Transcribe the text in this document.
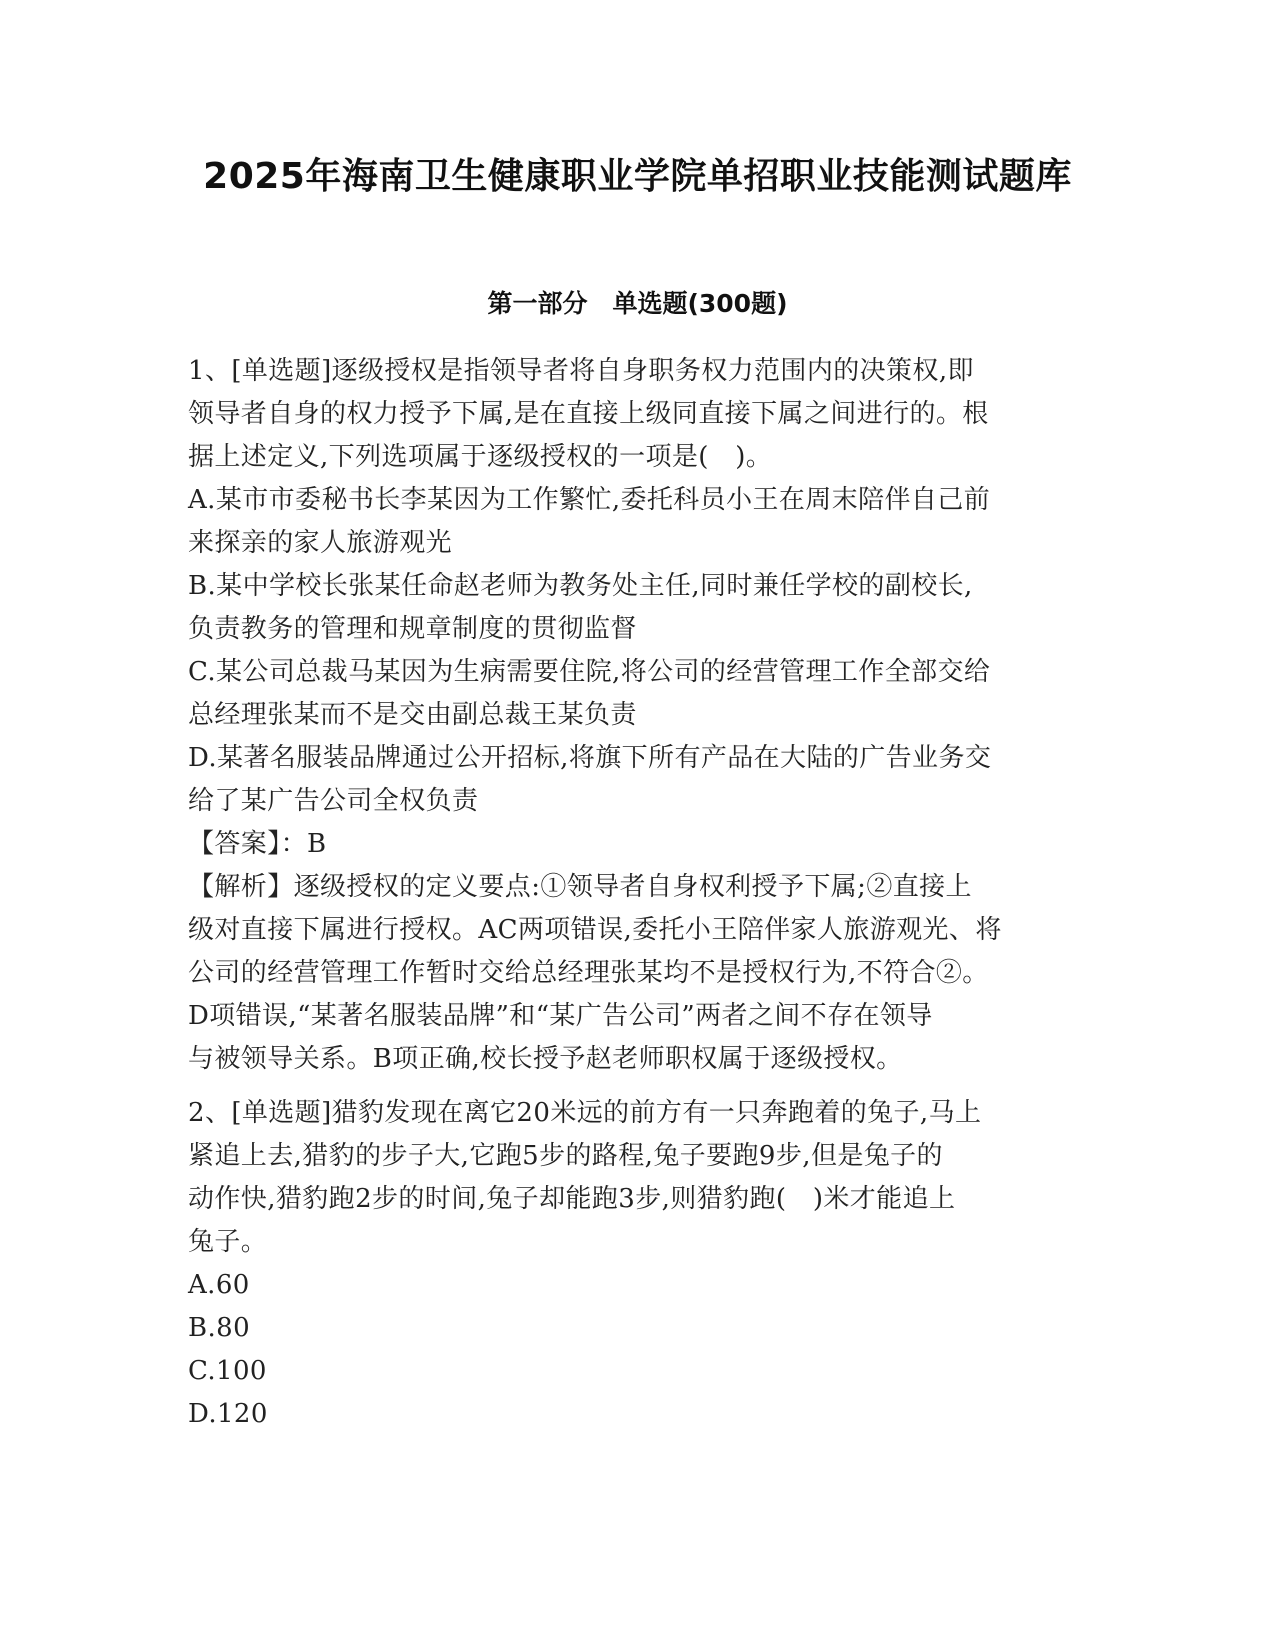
2025年海南卫生健康职业学院单招职业技能测试题库
第一部分　单选题(300题)
1、[单选题]逐级授权是指领导者将自身职务权力范围内的决策权,即
领导者自身的权力授予下属,是在直接上级同直接下属之间进行的。根
据上述定义,下列选项属于逐级授权的一项是(　)。
A.某市市委秘书长李某因为工作繁忙,委托科员小王在周末陪伴自己前
来探亲的家人旅游观光
B.某中学校长张某任命赵老师为教务处主任,同时兼任学校的副校长,
负责教务的管理和规章制度的贯彻监督
C.某公司总裁马某因为生病需要住院,将公司的经营管理工作全部交给
总经理张某而不是交由副总裁王某负责
D.某著名服装品牌通过公开招标,将旗下所有产品在大陆的广告业务交
给了某广告公司全权负责
【答案】：B
【解析】逐级授权的定义要点:①领导者自身权利授予下属;②直接上
级对直接下属进行授权。AC两项错误,委托小王陪伴家人旅游观光、将
公司的经营管理工作暂时交给总经理张某均不是授权行为,不符合②。
D项错误,“某著名服装品牌”和“某广告公司”两者之间不存在领导
与被领导关系。B项正确,校长授予赵老师职权属于逐级授权。
2、[单选题]猎豹发现在离它20米远的前方有一只奔跑着的兔子,马上
紧追上去,猎豹的步子大,它跑5步的路程,兔子要跑9步,但是兔子的
动作快,猎豹跑2步的时间,兔子却能跑3步,则猎豹跑(　)米才能追上
兔子。
A.60
B.80
C.100
D.120
